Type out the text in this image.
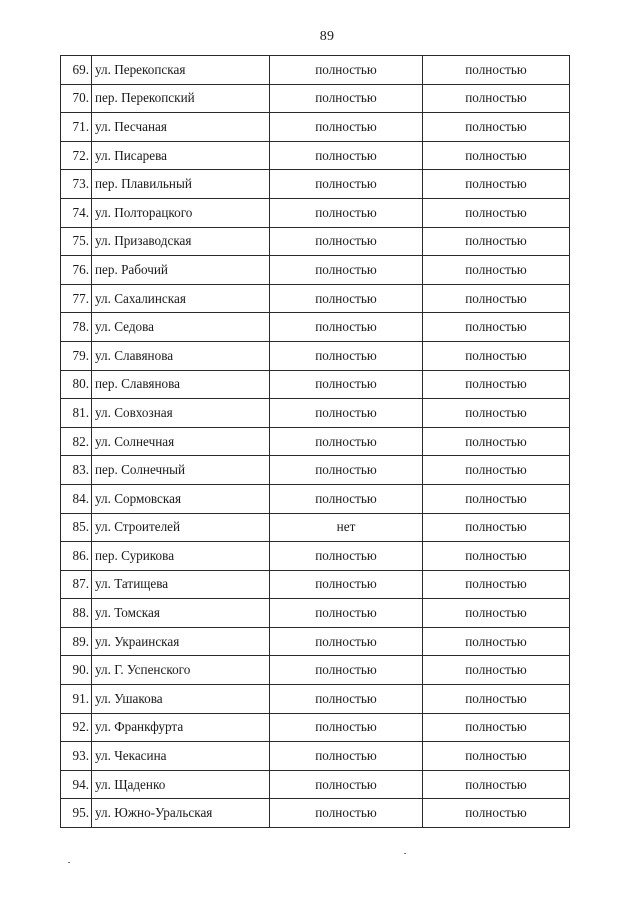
89
69.	ул. Перекопская	полностью	полностью
70.	пер. Перекопский	полностью	полностью
71.	ул. Песчаная	полностью	полностью
72.	ул. Писарева	полностью	полностью
73.	пер. Плавильный	полностью	полностью
74.	ул. Полторацкого	полностью	полностью
75.	ул. Призаводская	полностью	полностью
76.	пер. Рабочий	полностью	полностью
77.	ул. Сахалинская	полностью	полностью
78.	ул. Седова	полностью	полностью
79.	ул. Славянова	полностью	полностью
80.	пер. Славянова	полностью	полностью
81.	ул. Совхозная	полностью	полностью
82.	ул. Солнечная	полностью	полностью
83.	пер. Солнечный	полностью	полностью
84.	ул. Сормовская	полностью	полностью
85.	ул. Строителей	нет	полностью
86.	пер. Сурикова	полностью	полностью
87.	ул. Татищева	полностью	полностью
88.	ул. Томская	полностью	полностью
89.	ул. Украинская	полностью	полностью
90.	ул. Г. Успенского	полностью	полностью
91.	ул. Ушакова	полностью	полностью
92.	ул. Франкфурта	полностью	полностью
93.	ул. Чекасина	полностью	полностью
94.	ул. Щаденко	полностью	полностью
95.	ул. Южно-Уральская	полностью	полностью
